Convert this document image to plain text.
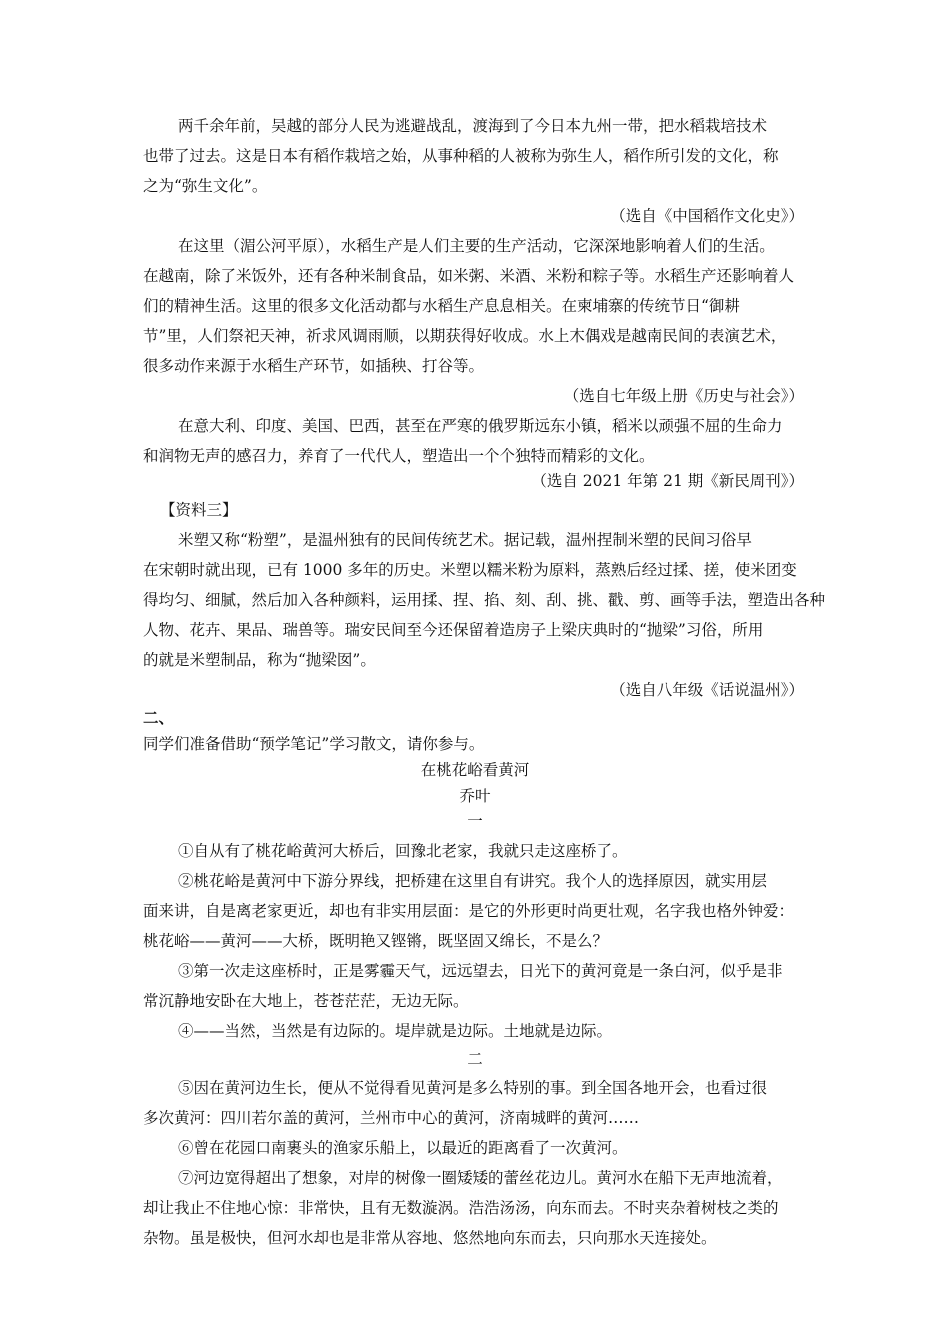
两千余年前，吴越的部分人民为逃避战乱，渡海到了今日本九州一带，把水稻栽培技术
也带了过去。这是日本有稻作栽培之始，从事种稻的人被称为弥生人，稻作所引发的文化，称
之为“弥生文化”。
（选自《中国稻作文化史》）
在这里（湄公河平原），水稻生产是人们主要的生产活动，它深深地影响着人们的生活。
在越南，除了米饭外，还有各种米制食品，如米粥、米酒、米粉和粽子等。水稻生产还影响着人
们的精神生活。这里的很多文化活动都与水稻生产息息相关。在柬埔寨的传统节日“御耕
节”里，人们祭祀天神，祈求风调雨顺，以期获得好收成。水上木偶戏是越南民间的表演艺术，
很多动作来源于水稻生产环节，如插秧、打谷等。
（选自七年级上册《历史与社会》）
在意大利、印度、美国、巴西，甚至在严寒的俄罗斯远东小镇，稻米以顽强不屈的生命力
和润物无声的感召力，养育了一代代人，塑造出一个个独特而精彩的文化。
（选自 2021 年第 21 期《新民周刊》）
【资料三】
米塑又称“粉塑”，是温州独有的民间传统艺术。据记载，温州捏制米塑的民间习俗早
在宋朝时就出现，已有 1000 多年的历史。米塑以糯米粉为原料，蒸熟后经过揉、搓，使米团变
得均匀、细腻，然后加入各种颜料，运用揉、捏、掐、刻、刮、挑、戳、剪、画等手法，塑造出各种
人物、花卉、果品、瑞兽等。瑞安民间至今还保留着造房子上梁庆典时的“抛梁”习俗，所用
的就是米塑制品，称为“抛梁囡”。
（选自八年级《话说温州》）
二、
同学们准备借助“预学笔记”学习散文，请你参与。
在桃花峪看黄河
乔叶
一
①自从有了桃花峪黄河大桥后，回豫北老家，我就只走这座桥了。
②桃花峪是黄河中下游分界线，把桥建在这里自有讲究。我个人的选择原因，就实用层
面来讲，自是离老家更近，却也有非实用层面：是它的外形更时尚更壮观，名字我也格外钟爱：
桃花峪——黄河——大桥，既明艳又铿锵，既坚固又绵长，不是么？
③第一次走这座桥时，正是雾霾天气，远远望去，日光下的黄河竟是一条白河，似乎是非
常沉静地安卧在大地上，苍苍茫茫，无边无际。
④——当然，当然是有边际的。堤岸就是边际。土地就是边际。
二
⑤因在黄河边生长，便从不觉得看见黄河是多么特别的事。到全国各地开会，也看过很
多次黄河：四川若尔盖的黄河，兰州市中心的黄河，济南城畔的黄河……
⑥曾在花园口南裹头的渔家乐船上，以最近的距离看了一次黄河。
⑦河边宽得超出了想象，对岸的树像一圈矮矮的蕾丝花边儿。黄河水在船下无声地流着，
却让我止不住地心惊：非常快，且有无数漩涡。浩浩汤汤，向东而去。不时夹杂着树枝之类的
杂物。虽是极快，但河水却也是非常从容地、悠然地向东而去，只向那水天连接处。
